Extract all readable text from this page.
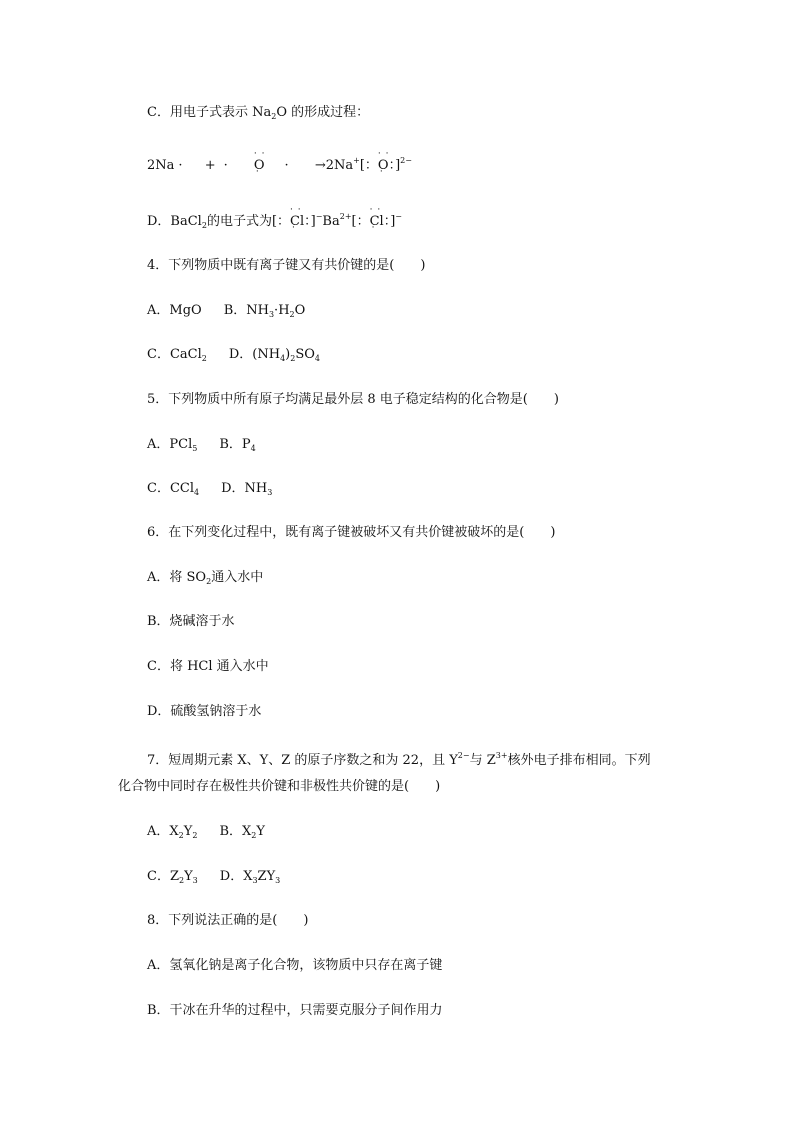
C．用电子式表示 $Na_2O$ 的形成过程：
2Na · + · · · O · · →2Na+[：· · O ·：]$^{2-}$
D．BaCl$_2$的电子式为[：· · Cl ·：]$^-Ba^{2+}$[：· · Cl ·：]−
4．下列物质中既有离子键又有共价键的是(　　)
A．MgO B．$NH_3\cdot H_2O$
C．CaCl$_2$ D．$(NH_4)_2SO_4$
5．下列物质中所有原子均满足最外层 8 电子稳定结构的化合物是(　　)
A．PCl$_5$ B．$P_4$
C．CCl$_4$ D．$NH_3$
6．在下列变化过程中，既有离子键被破坏又有共价键被破坏的是(　　)
A．将 $SO_2$通入水中
B．烧碱溶于水
C．将 HCl 通入水中
D．硫酸氢钠溶于水
7．短周期元素 X、Y、Z 的原子序数之和为 22，且 $Y^{2-}$与 $Z^{3+}$核外电子排布相同。下列
化合物中同时存在极性共价键和非极性共价键的是(　　)
A．$X_2Y_2$ B．$X_2Y$
C．$Z_2Y_3$ D．$X_3ZY_3$
8．下列说法正确的是(　　)
A．氢氧化钠是离子化合物，该物质中只存在离子键
B．干冰在升华的过程中，只需要克服分子间作用力
